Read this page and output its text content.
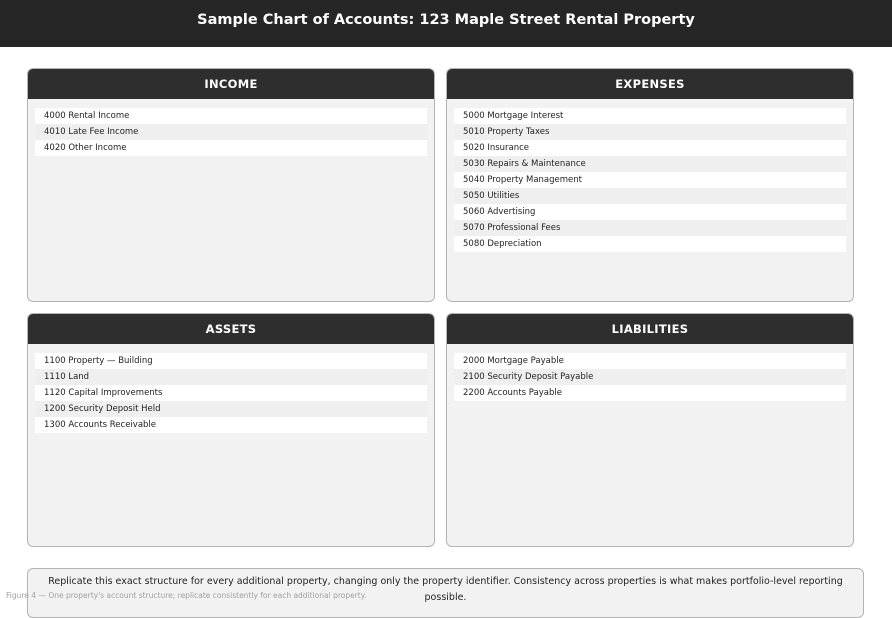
Sample Chart of Accounts: 123 Maple Street Rental Property
INCOME
4000 Rental Income
4010 Late Fee Income
4020 Other Income
EXPENSES
5000 Mortgage Interest
5010 Property Taxes
5020 Insurance
5030 Repairs & Maintenance
5040 Property Management
5050 Utilities
5060 Advertising
5070 Professional Fees
5080 Depreciation
ASSETS
1100 Property — Building
1110 Land
1120 Capital Improvements
1200 Security Deposit Held
1300 Accounts Receivable
LIABILITIES
2000 Mortgage Payable
2100 Security Deposit Payable
2200 Accounts Payable
Replicate this exact structure for every additional property, changing only the property identifier. Consistency across properties is what makes portfolio-level reporting possible.
Figure 4 — One property's account structure; replicate consistently for each additional property.
